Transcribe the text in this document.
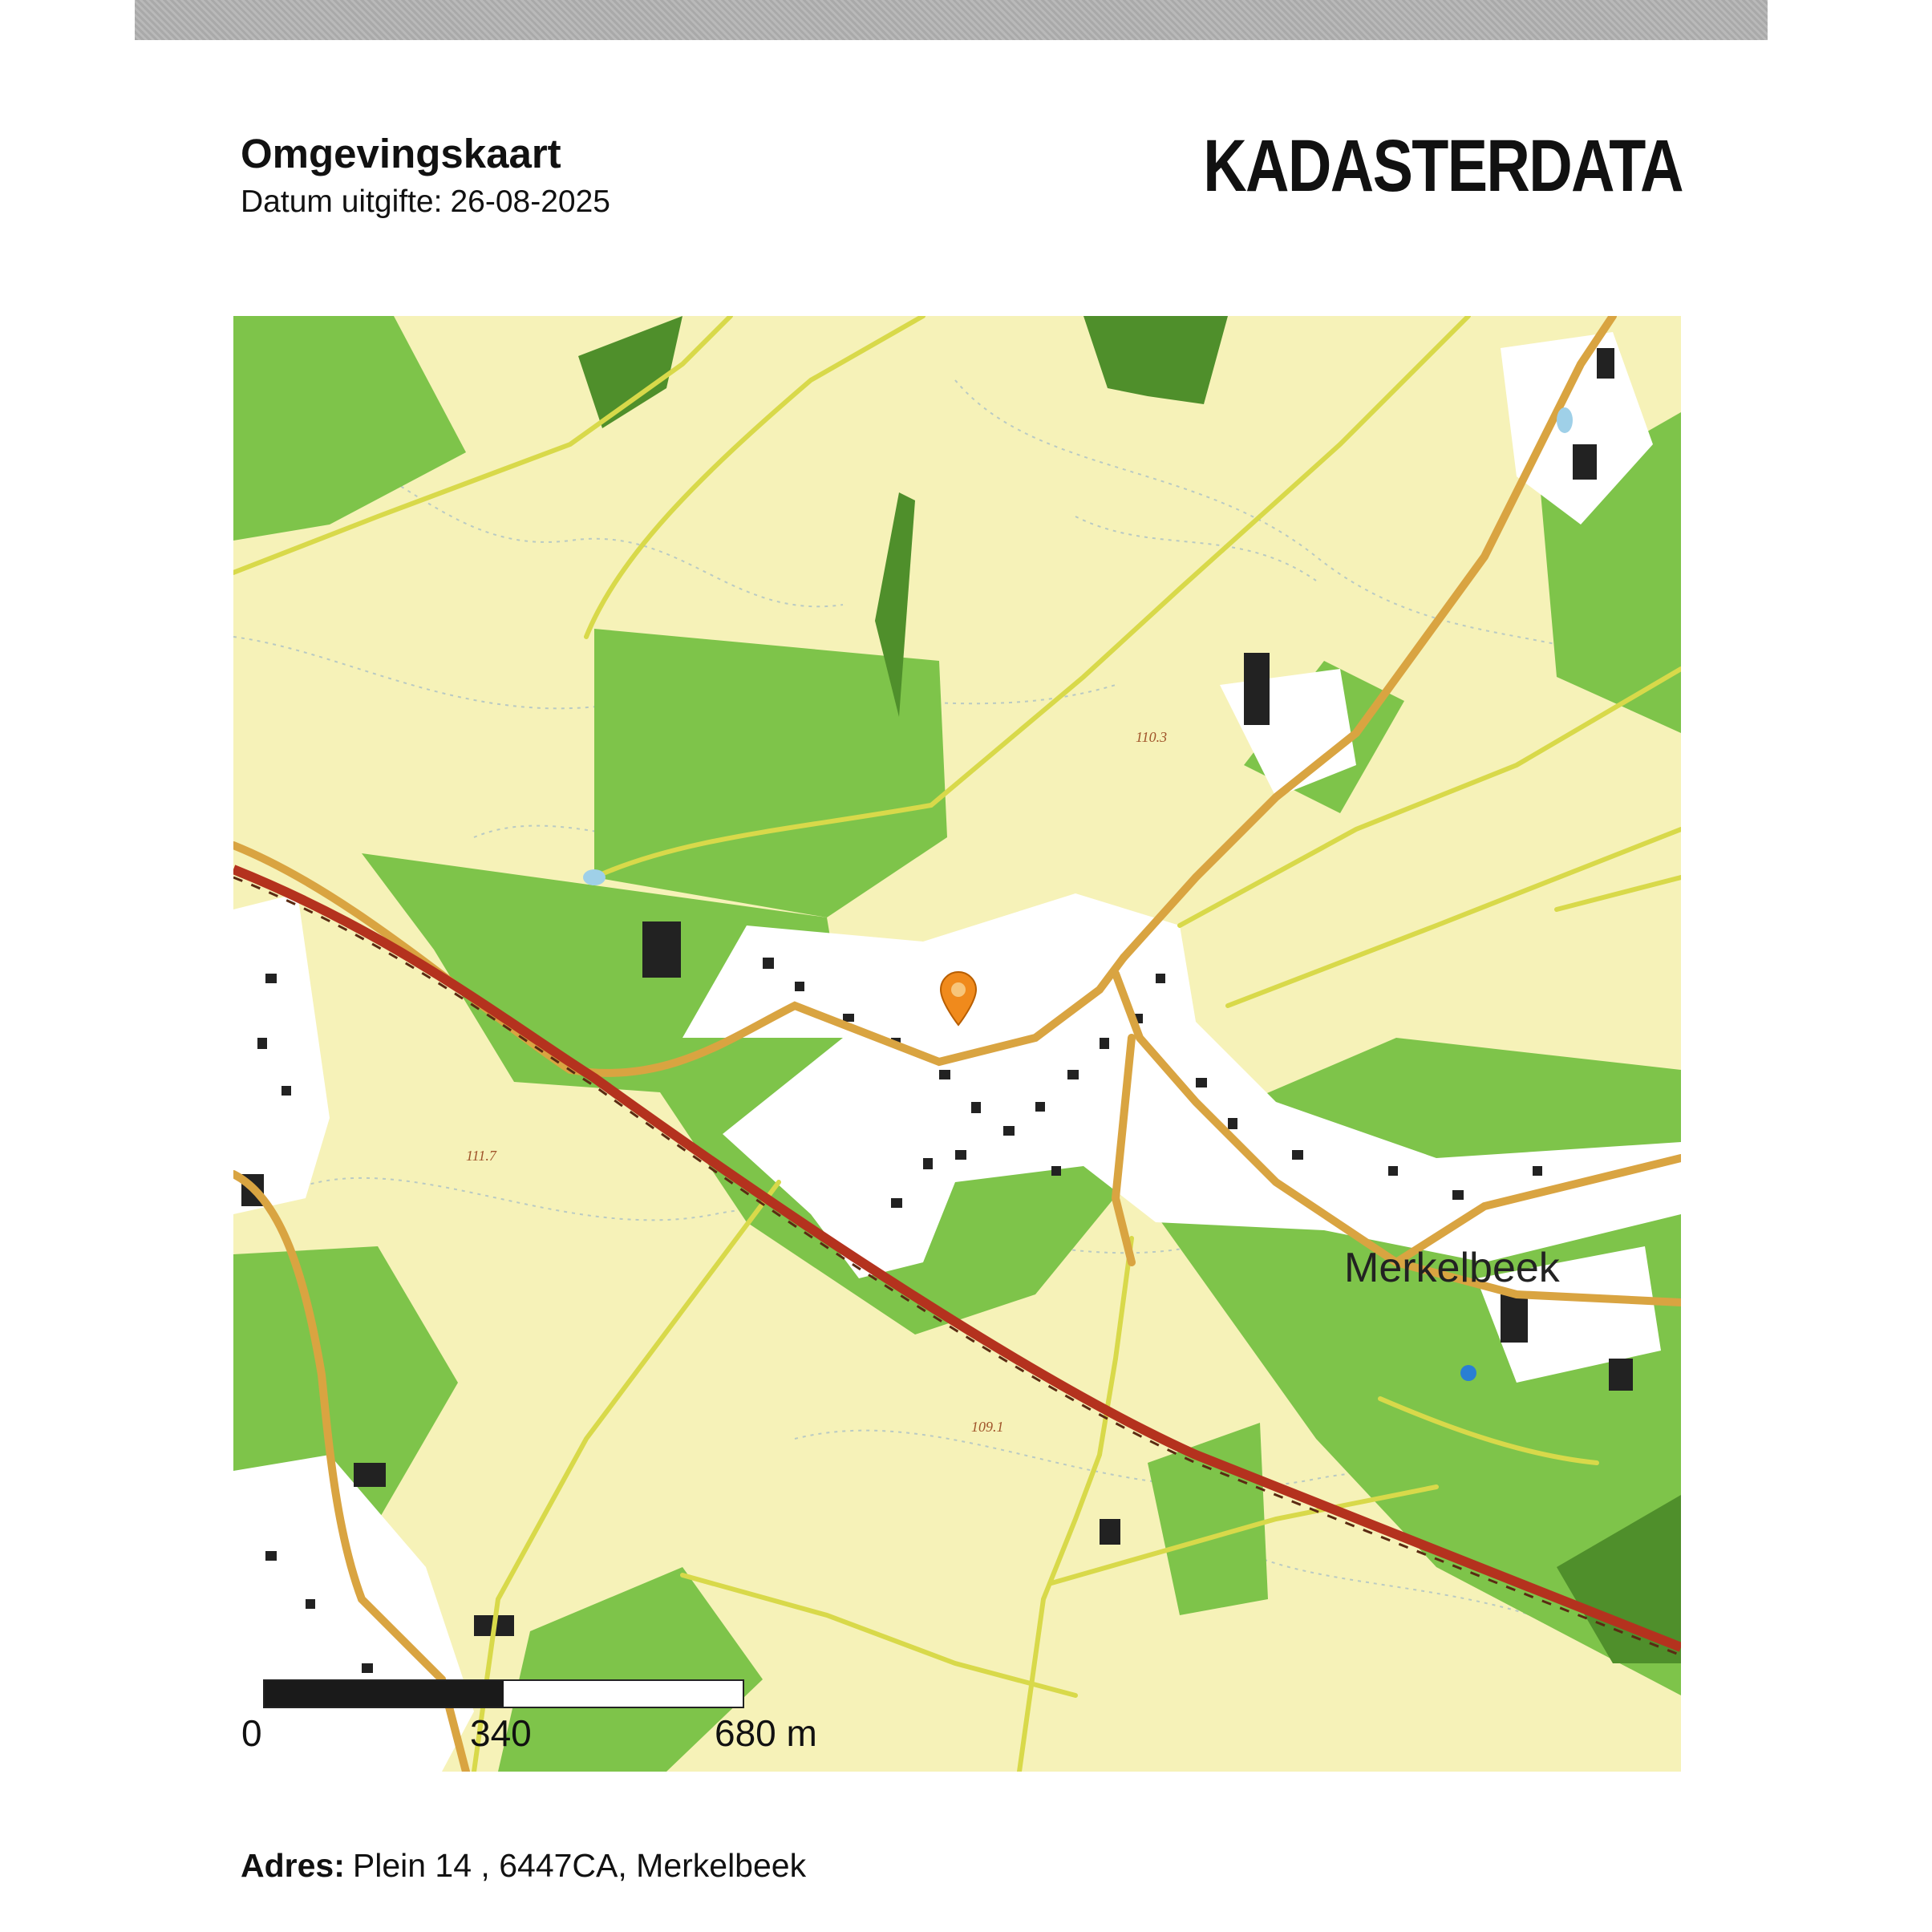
Omgevingskaart
Datum uitgifte: 26-08-2025	KADASTERDATA
110.3
111.7
109.1
Merkelbeek
0	340	680 m
Adres: Plein 14 , 6447CA, Merkelbeek
